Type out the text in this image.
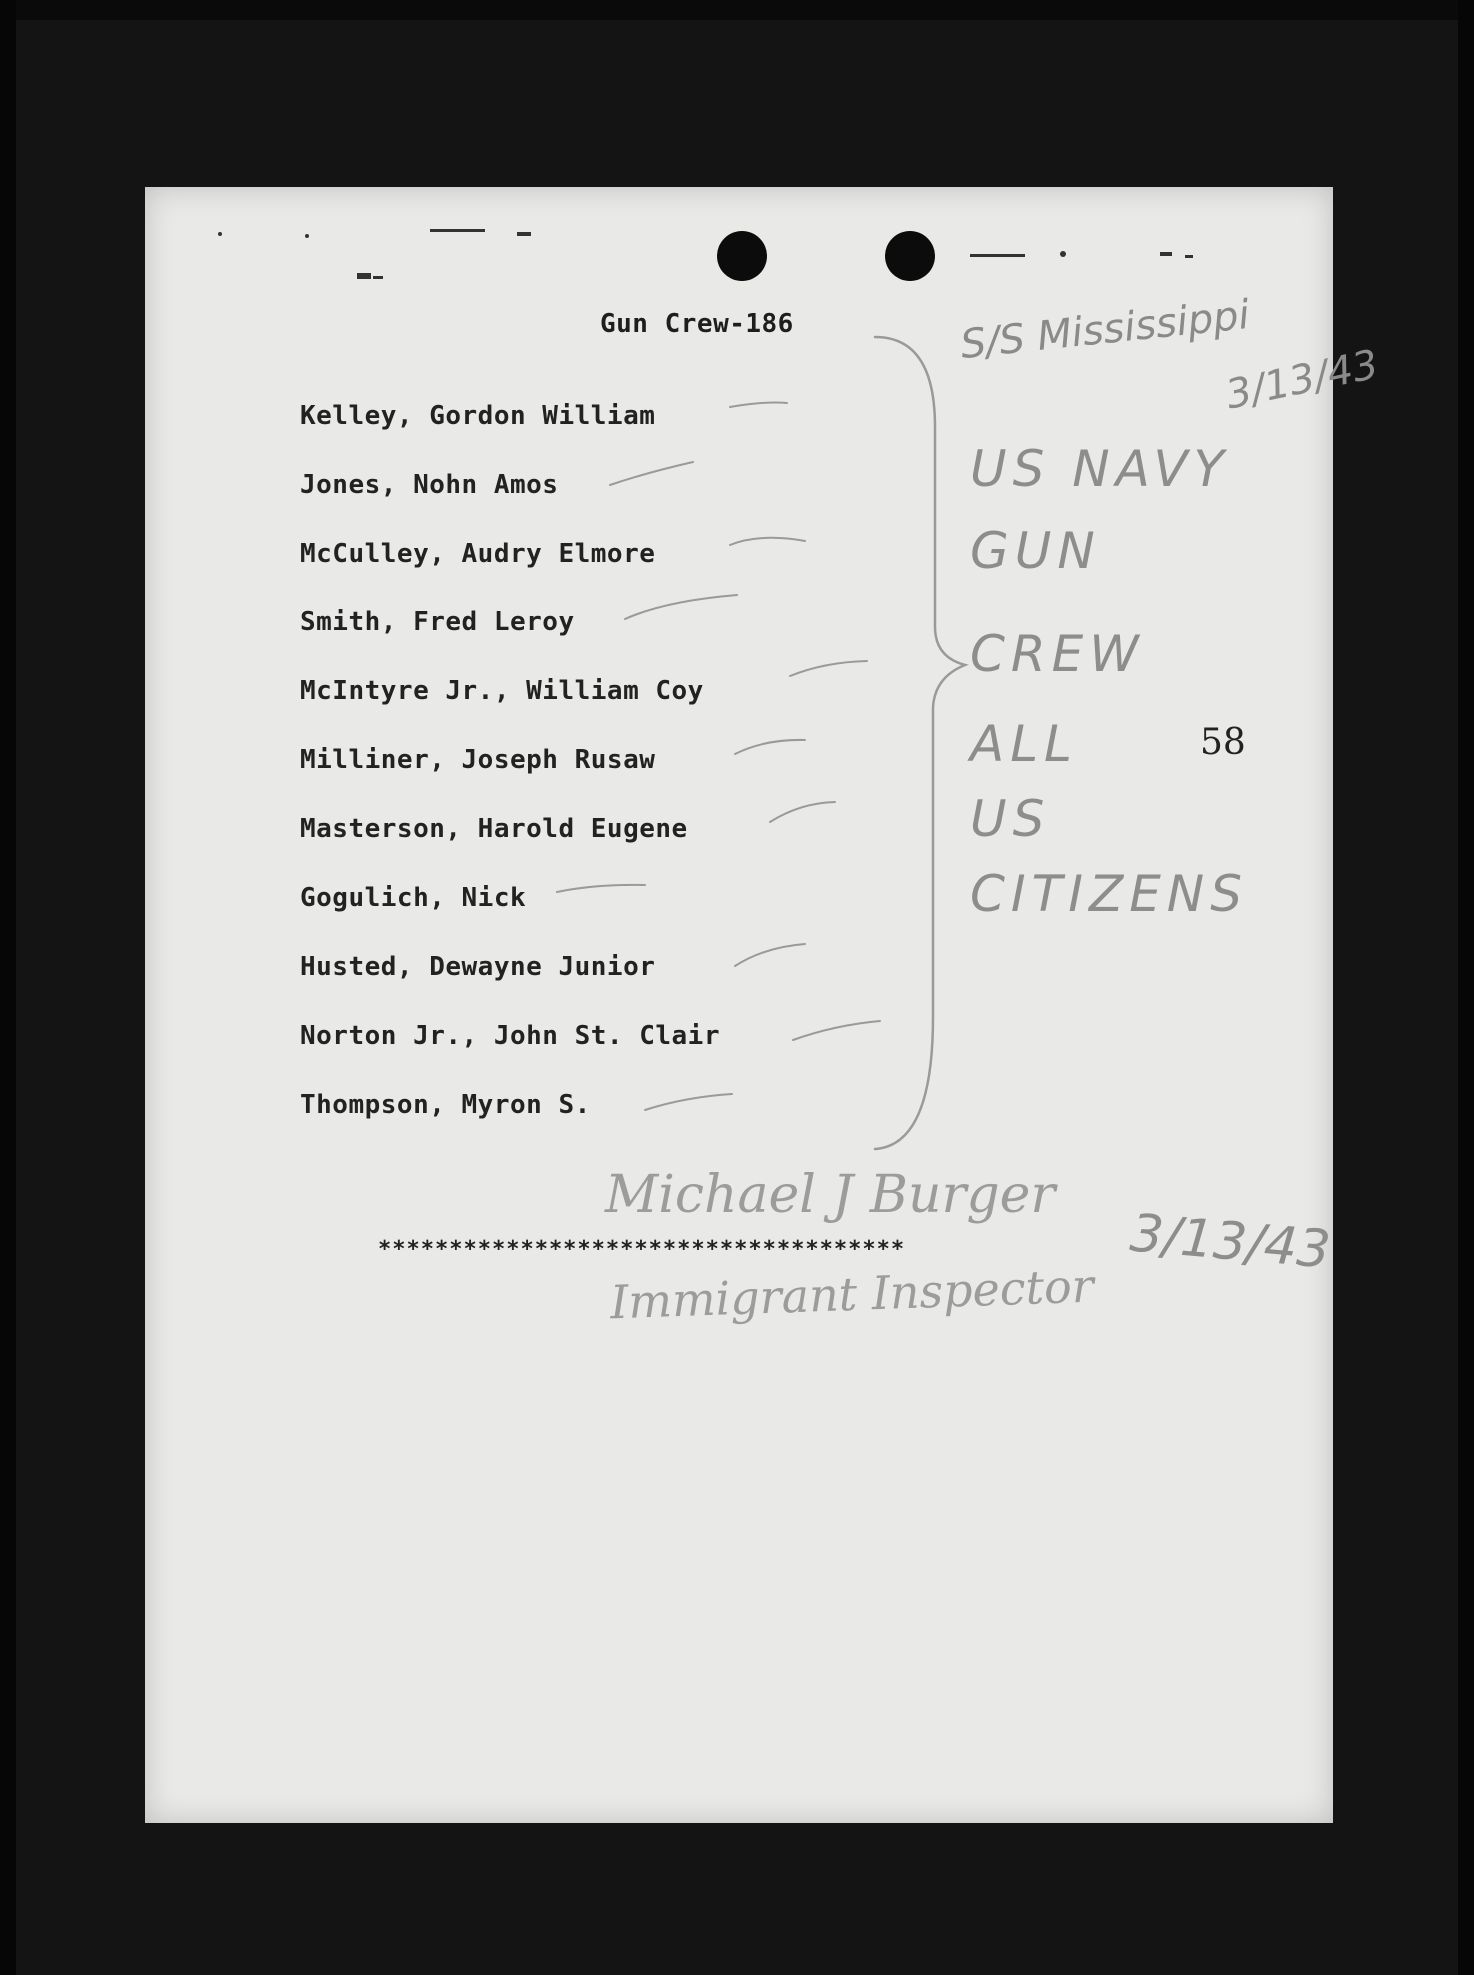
Gun Crew-186
Kelley, Gordon William
Jones, Nohn Amos
McCulley, Audry Elmore
Smith, Fred Leroy
McIntyre Jr., William Coy
Milliner, Joseph Rusaw
Masterson, Harold Eugene
Gogulich, Nick
Husted, Dewayne Junior
Norton Jr., John St. Clair
Thompson, Myron S.

*************************************

58
S/S Mississippi
3/13/43
US NAVY
GUN
CREW
ALL
US
CITIZENS
Michael J Burger
Immigrant Inspector
3/13/43
